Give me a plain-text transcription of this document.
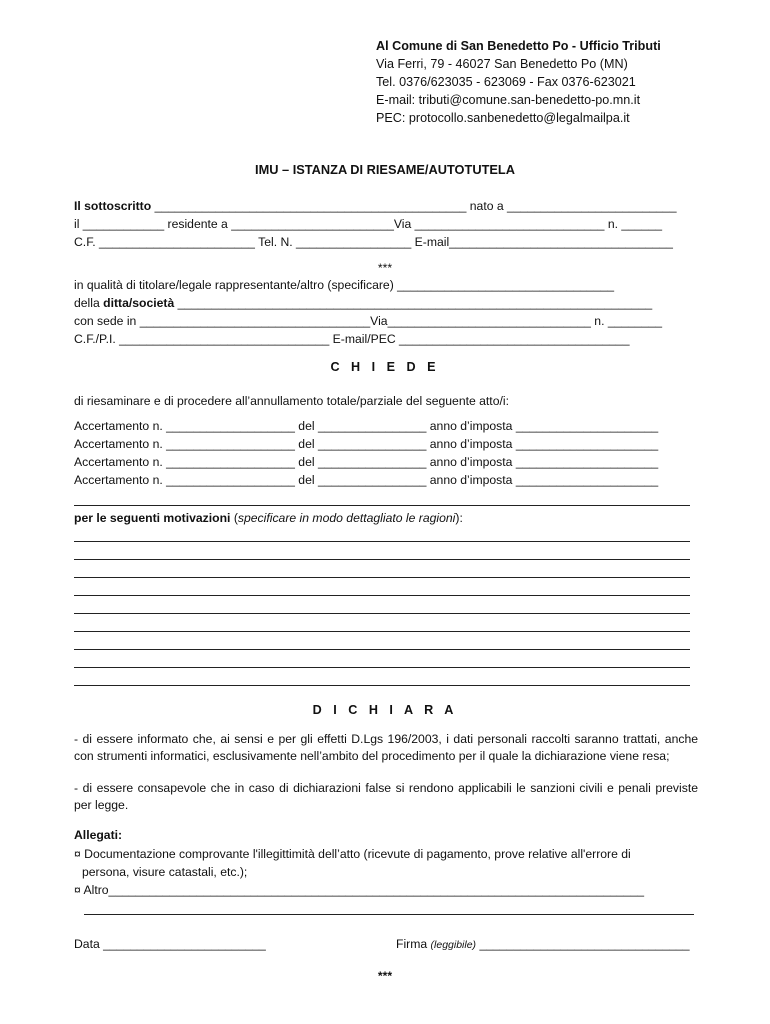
Al Comune di San Benedetto Po - Ufficio Tributi
Via Ferri, 79 - 46027 San Benedetto Po (MN)
Tel. 0376/623035 - 623069 - Fax 0376-623021
E-mail: tributi@comune.san-benedetto-po.mn.it
PEC: protocollo.sanbenedetto@legalmailpa.it
IMU – ISTANZA DI RIESAME/AUTOTUTELA
Il sottoscritto ______________________________________________ nato a _________________________
il ____________ residente a ________________________Via ____________________________ n. ______
C.F. _______________________ Tel. N. _________________ E-mail_________________________________
***
in qualità di titolare/legale rappresentante/altro (specificare) ________________________________
della ditta/società ______________________________________________________________________
con sede in __________________________________Via______________________________ n. ________
C.F./P.I. _______________________________ E-mail/PEC __________________________________
C H I E D E
di riesaminare e di procedere all’annullamento totale/parziale del seguente atto/i:
Accertamento n. ___________________ del ________________ anno d’imposta _____________________
Accertamento n. ___________________ del ________________ anno d’imposta _____________________
Accertamento n. ___________________ del ________________ anno d’imposta _____________________
Accertamento n. ___________________ del ________________ anno d’imposta _____________________
per le seguenti motivazioni (specificare in modo dettagliato le ragioni):
D I C H I A R A
- di essere informato che, ai sensi e per gli effetti D.Lgs 196/2003, i dati personali raccolti saranno trattati, anche con strumenti informatici, esclusivamente nell’ambito del procedimento per il quale la dichiarazione viene resa;
- di essere consapevole che in caso di dichiarazioni false si rendono applicabili le sanzioni civili e penali previste per legge.
Allegati:
¤ Documentazione comprovante l'illegittimità dell’atto (ricevute di pagamento, prove relative all'errore di
persona, visure catastali, etc.);
¤ Altro_______________________________________________________________________________
Data ________________________	Firma (leggibile) _______________________________
***
